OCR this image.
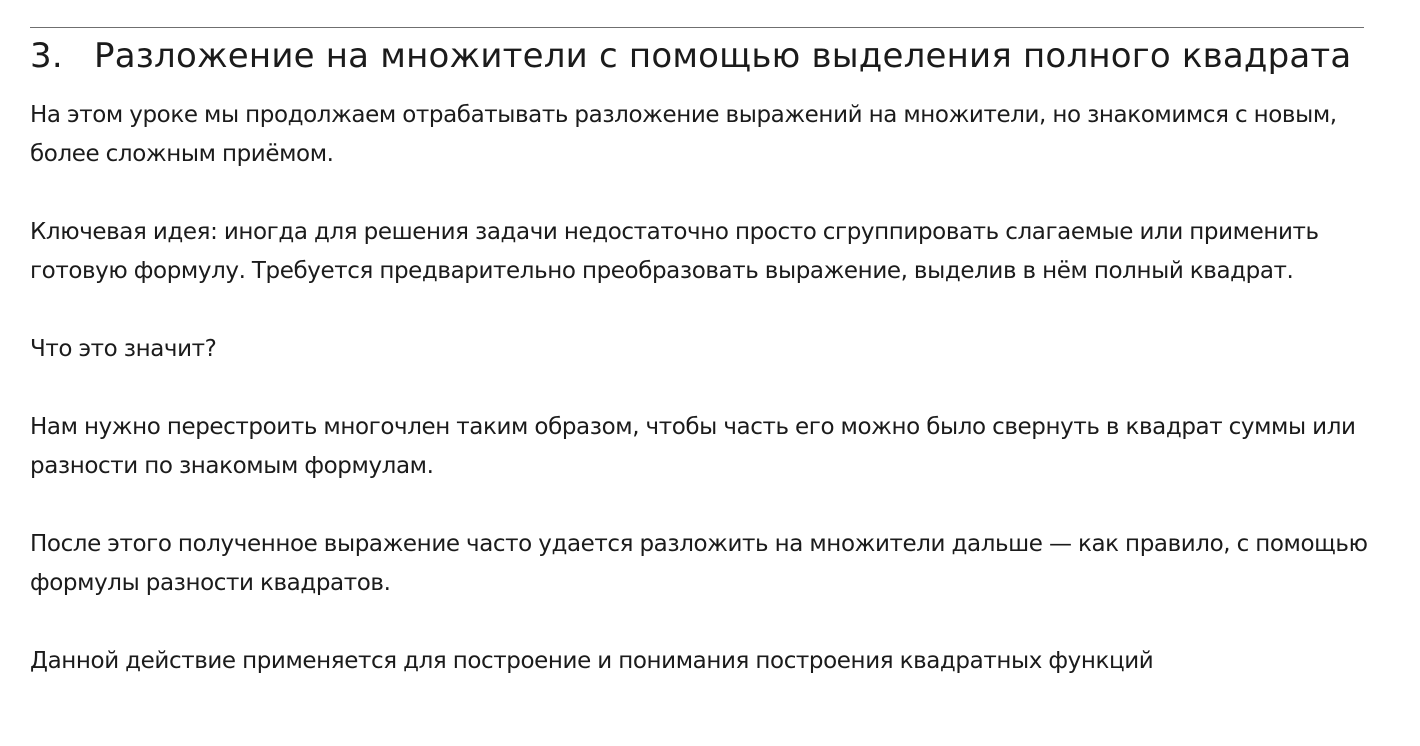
3. Разложение на множители с помощью выделения полного квадрата

На этом уроке мы продолжаем отрабатывать разложение выражений на множители, но знакомимся с новым, более сложным приёмом.

Ключевая идея: иногда для решения задачи недостаточно просто сгруппировать слагаемые или применить готовую формулу. Требуется предварительно преобразовать выражение, выделив в нём полный квадрат.

Что это значит?

Нам нужно перестроить многочлен таким образом, чтобы часть его можно было свернуть в квадрат суммы или разности по знакомым формулам.

После этого полученное выражение часто удается разложить на множители дальше — как правило, с помощью формулы разности квадратов.

Данной действие применяется для построение и понимания построения квадратных функций
